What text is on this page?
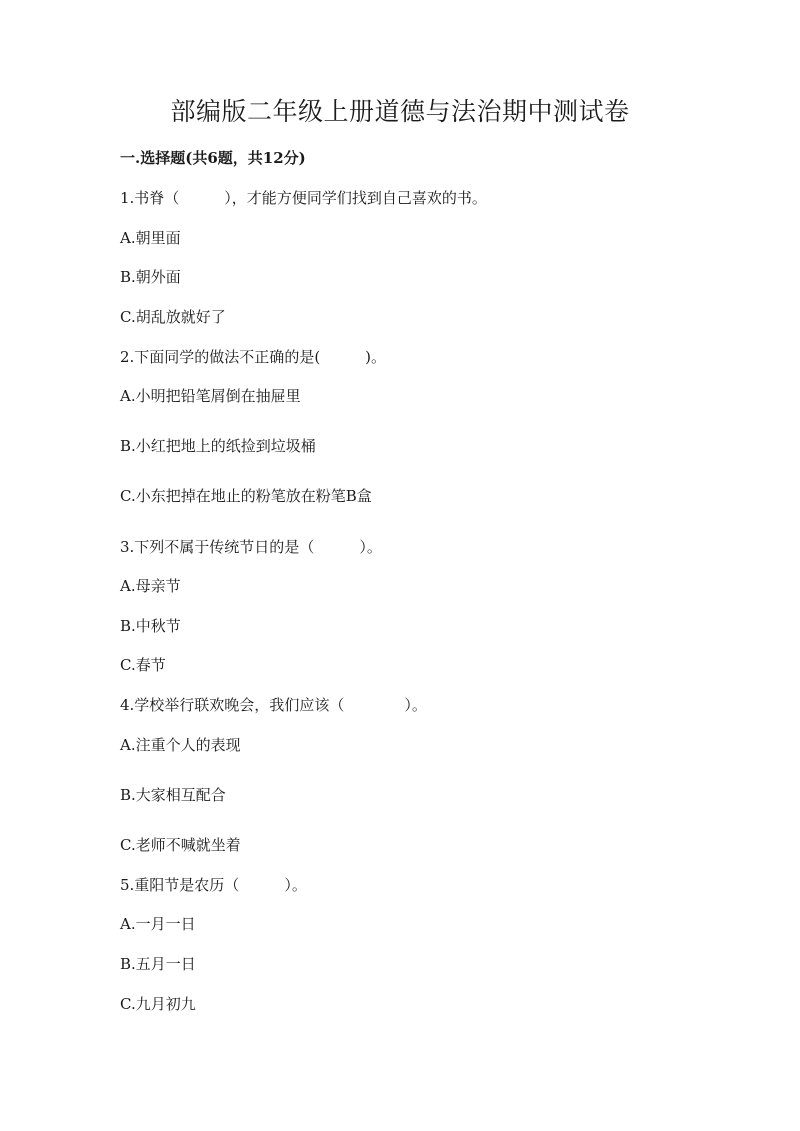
部编版二年级上册道德与法治期中测试卷
一.选择题(共6题，共12分)
1.书脊（　　　），才能方便同学们找到自己喜欢的书。
A.朝里面
B.朝外面
C.胡乱放就好了
2.下面同学的做法不正确的是(　　　)。
A.小明把铅笔屑倒在抽屉里
B.小红把地上的纸捡到垃圾桶
C.小东把掉在地止的粉笔放在粉笔B盒
3.下列不属于传统节日的是（　　　）。
A.母亲节
B.中秋节
C.春节
4.学校举行联欢晚会，我们应该（　　　　）。
A.注重个人的表现
B.大家相互配合
C.老师不喊就坐着
5.重阳节是农历（　　　）。
A.一月一日
B.五月一日
C.九月初九
